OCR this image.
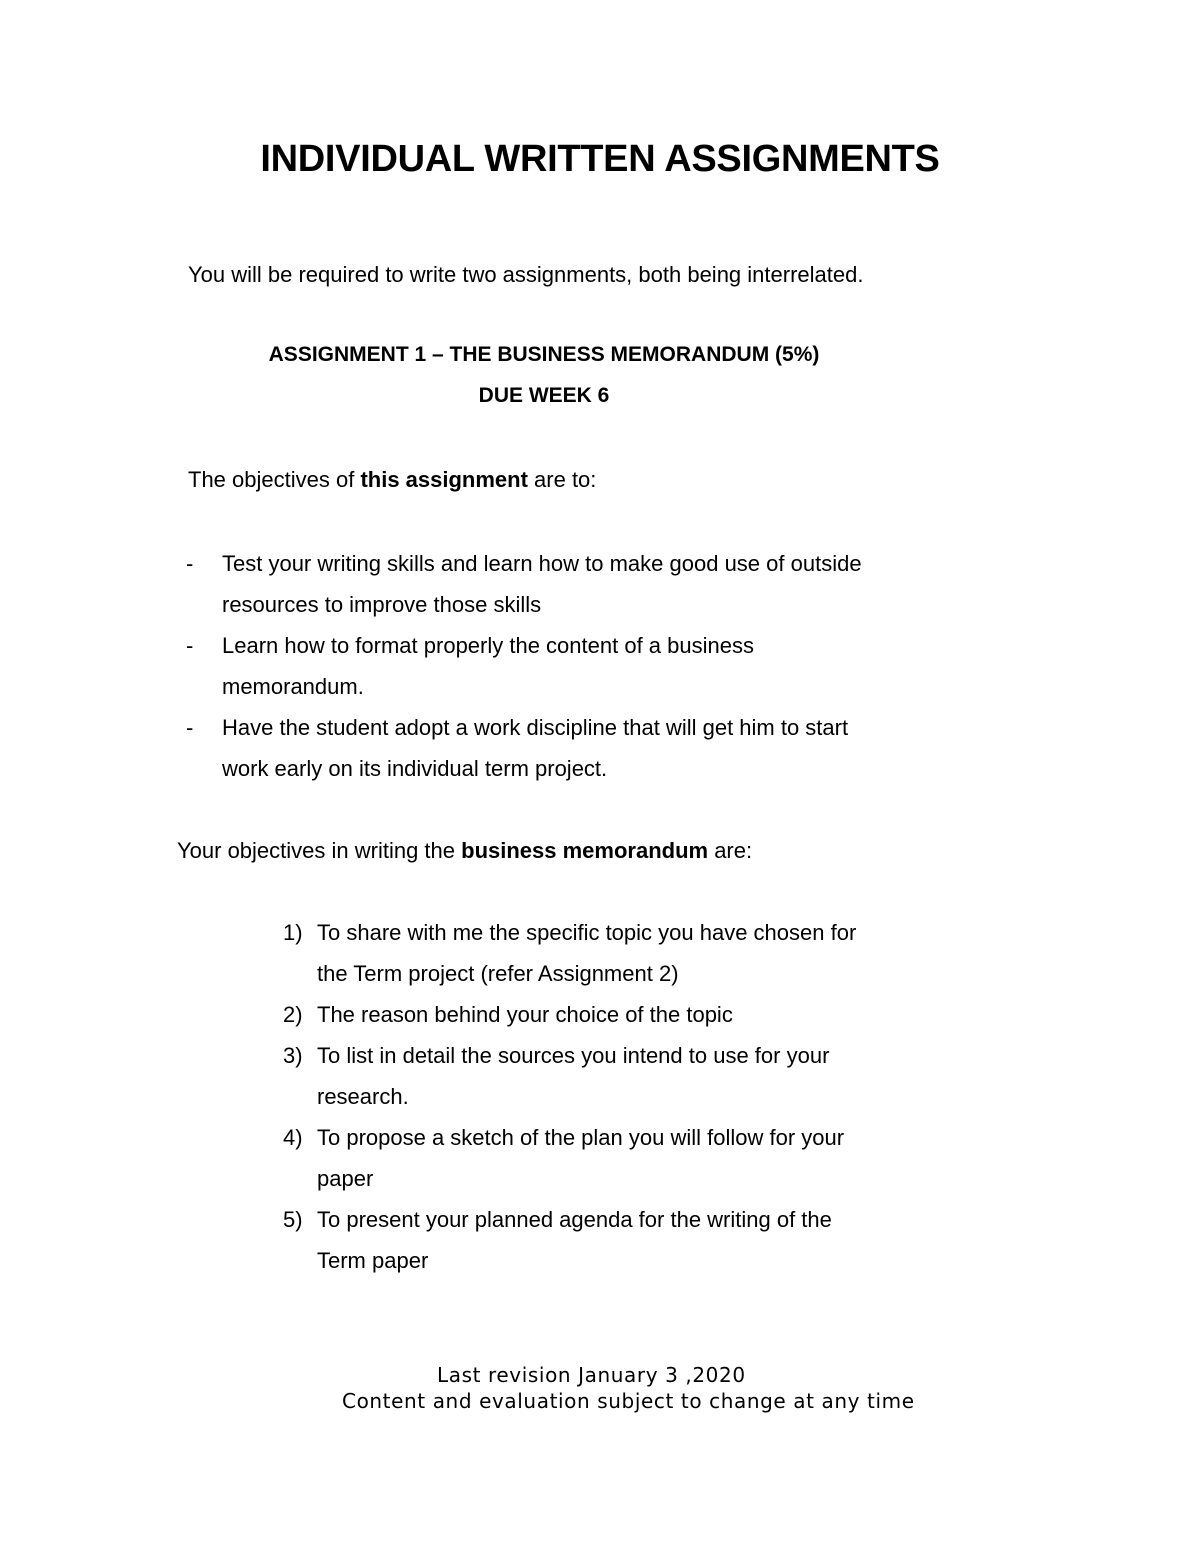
INDIVIDUAL WRITTEN ASSIGNMENTS
You will be required to write two assignments, both being interrelated.
ASSIGNMENT 1 – THE BUSINESS MEMORANDUM (5%)
DUE WEEK 6
The objectives of this assignment are to:
- Test your writing skills and learn how to make good use of outside
resources to improve those skills
- Learn how to format properly the content of a business
memorandum.
- Have the student adopt a work discipline that will get him to start
work early on its individual term project.
Your objectives in writing the business memorandum are:
1) To share with me the specific topic you have chosen for
the Term project (refer Assignment 2)
2) The reason behind your choice of the topic
3) To list in detail the sources you intend to use for your
research.
4) To propose a sketch of the plan you will follow for your
paper
5) To present your planned agenda for the writing of the
Term paper
Last revision January 3 ,2020
Content and evaluation subject to change at any time
